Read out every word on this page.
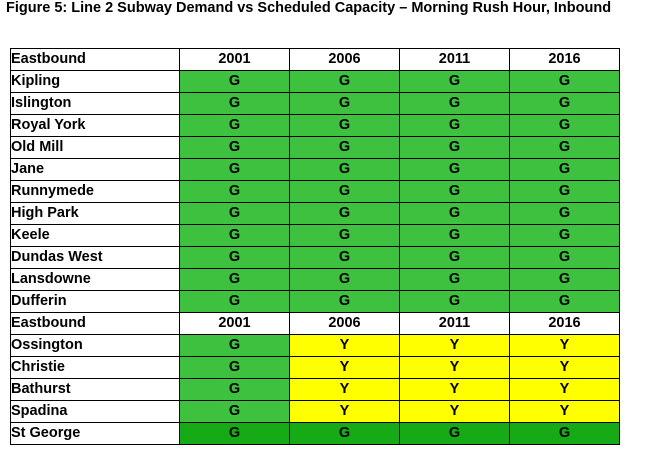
Figure 5: Line 2 Subway Demand vs Scheduled Capacity – Morning Rush Hour, Inbound
Eastbound	2001	2006	2011	2016
Kipling	G	G	G	G
Islington	G	G	G	G
Royal York	G	G	G	G
Old Mill	G	G	G	G
Jane	G	G	G	G
Runnymede	G	G	G	G
High Park	G	G	G	G
Keele	G	G	G	G
Dundas West	G	G	G	G
Lansdowne	G	G	G	G
Dufferin	G	G	G	G
Eastbound	2001	2006	2011	2016
Ossington	G	Y	Y	Y
Christie	G	Y	Y	Y
Bathurst	G	Y	Y	Y
Spadina	G	Y	Y	Y
St George	G	G	G	G
